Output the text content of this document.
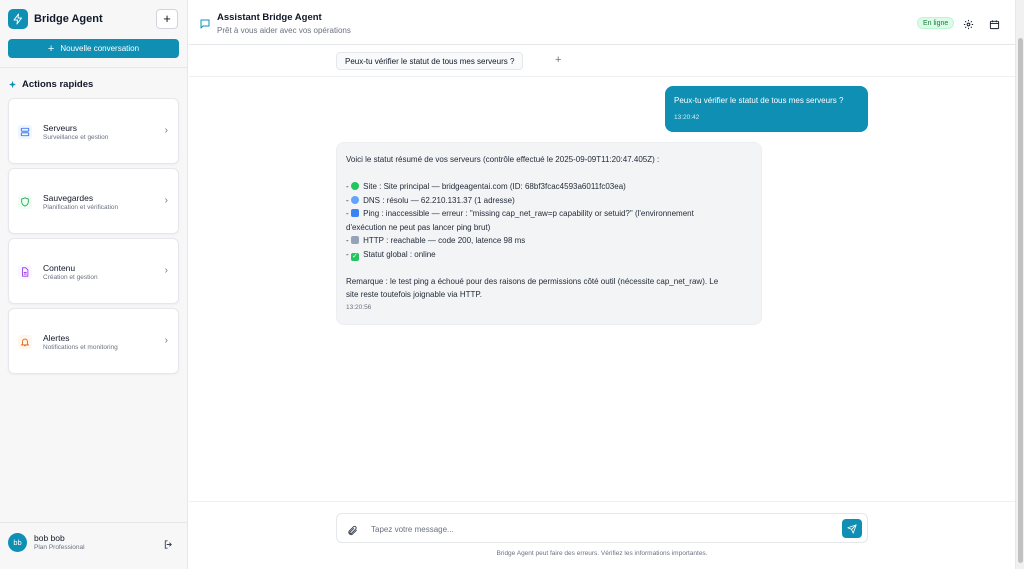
Bridge Agent	+
+ Nouvelle conversation
Actions rapides
Serveurs
Surveillance et gestion
›
Sauvegardes
Planification et vérification
›
Contenu
Création et gestion
›
Alertes
Notifications et monitoring
›
bb	bob bob
Plan Professional
Assistant Bridge Agent
Prêt à vous aider avec vos opérations
En ligne
Peux-tu vérifier le statut de tous mes serveurs ?	+
Peux-tu vérifier le statut de tous mes serveurs ?
13:20:42
Voici le statut résumé de vos serveurs (contrôle effectué le 2025-09-09T11:20:47.405Z) :
-  Site : Site principal — bridgeagentai.com (ID: 68bf3fcac4593a6011fc03ea)
-  DNS : résolu — 62.210.131.37 (1 adresse)
-  Ping : inaccessible — erreur : "missing cap_net_raw=p capability or setuid?" (l'environnement
d'exécution ne peut pas lancer ping brut)
-  HTTP : reachable — code 200, latence 98 ms
- ✓ Statut global : online
Remarque : le test ping a échoué pour des raisons de permissions côté outil (nécessite cap_net_raw). Le
site reste toutefois joignable via HTTP.
13:20:56
Tapez votre message...
Bridge Agent peut faire des erreurs. Vérifiez les informations importantes.
